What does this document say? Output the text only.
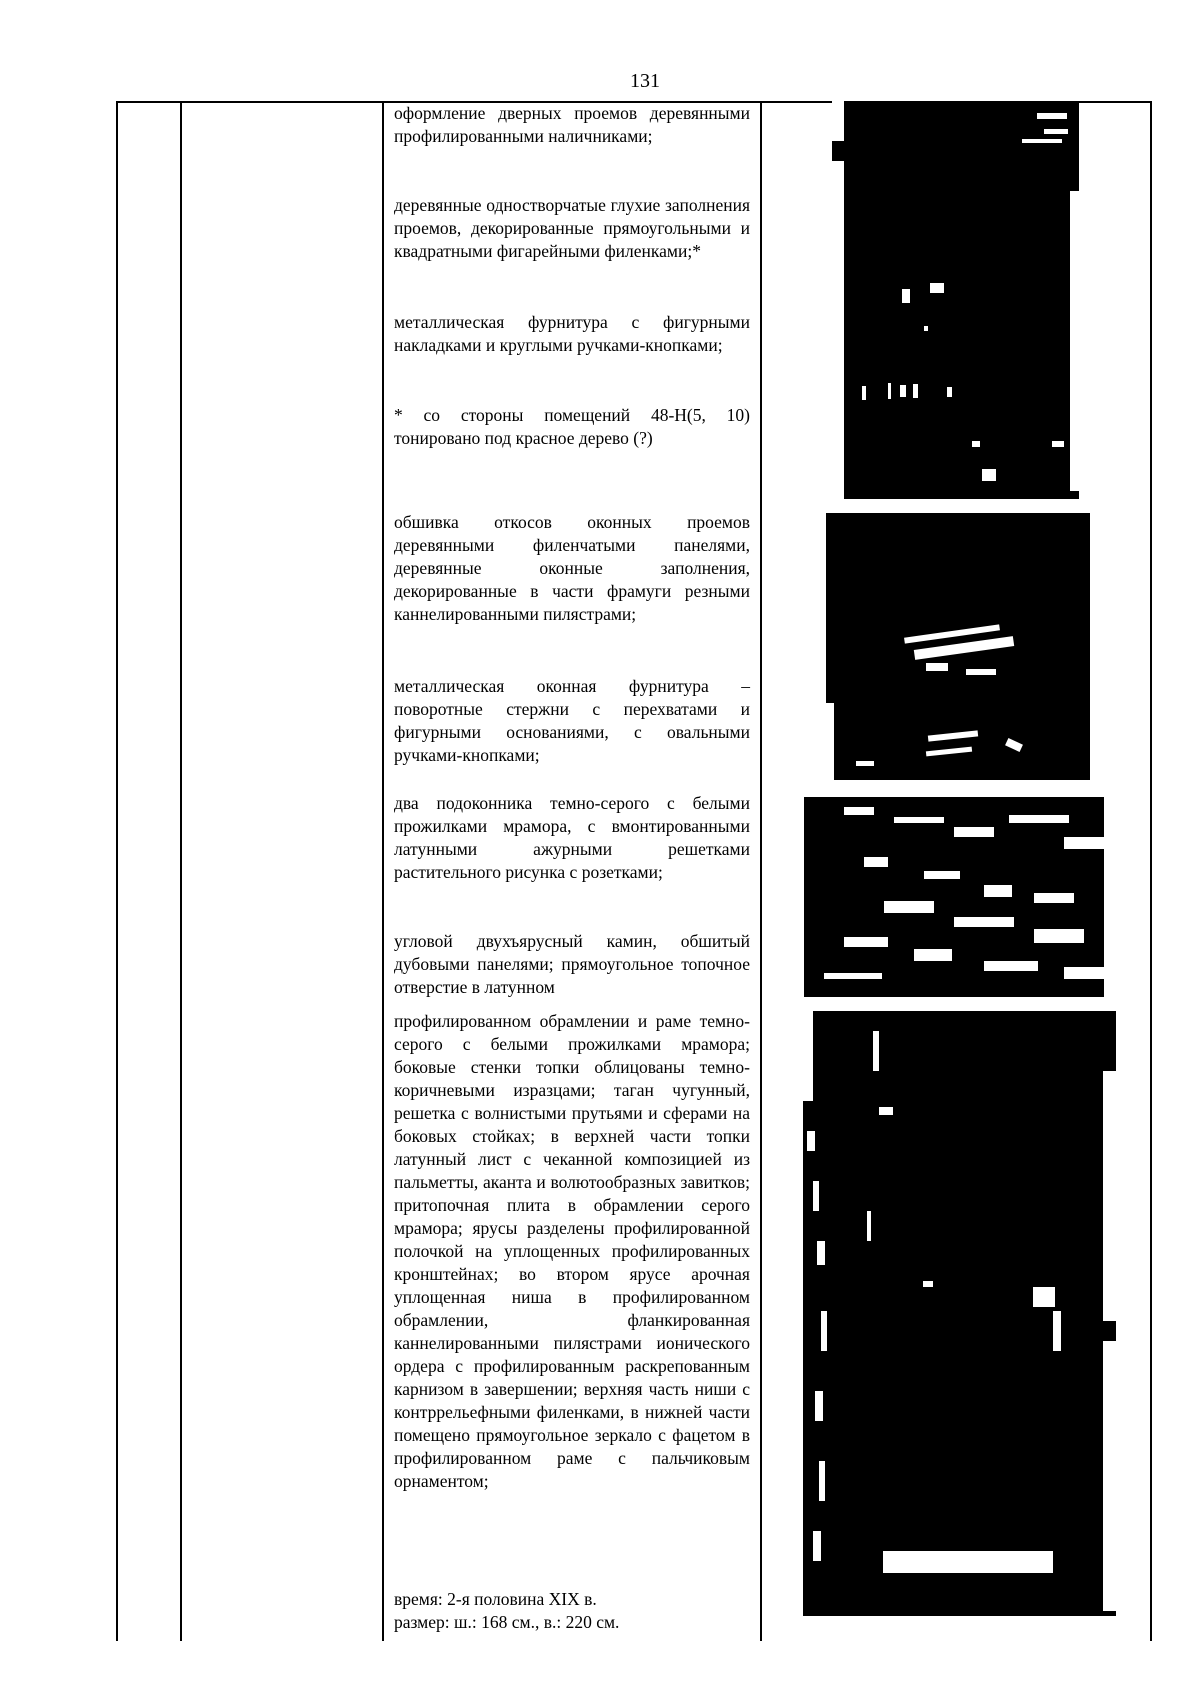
131
оформление дверных проемов деревянными профилированными наличниками;
деревянные одностворчатые глухие заполнения проемов, декорированные прямоугольными и квадратными фигарейными филенками;*
металлическая фурнитура с фигурными накладками и круглыми ручками-кнопками;
* со стороны помещений 48-Н(5, 10) тонировано под красное дерево (?)
обшивка откосов оконных проемов деревянными филенчатыми панелями, деревянные оконные заполнения, декорированные в части фрамуги резными каннелированными пилястрами;
металлическая оконная фурнитура – поворотные стержни с перехватами и фигурными основаниями, с овальными ручками-кнопками;
два подоконника темно-серого с белыми прожилками мрамора, с вмонтированными латунными ажурными решетками растительного рисунка с розетками;
угловой двухъярусный камин, обшитый дубовыми панелями; прямоугольное топочное отверстие в латунном
профилированном обрамлении и раме темно-серого с белыми прожилками мрамора; боковые стенки топки облицованы темно-коричневыми изразцами; таган чугунный, решетка с волнистыми прутьями и сферами на боковых стойках; в верхней части топки латунный лист с чеканной композицией из пальметты, аканта и волютообразных завитков; притопочная плита в обрамлении серого мрамора; ярусы разделены профилированной полочкой на уплощенных профилированных кронштейнах; во втором ярусе арочная уплощенная ниша в профилированном обрамлении, фланкированная каннелированными пилястрами ионического ордера с профилированным раскрепованным карнизом в завершении; верхняя часть ниши с контррельефными филенками, в нижней части помещено прямоугольное зеркало с фацетом в профилированном раме с пальчиковым орнаментом;
время: 2-я половина XIX в.
размер: ш.: 168 см., в.: 220 см.
